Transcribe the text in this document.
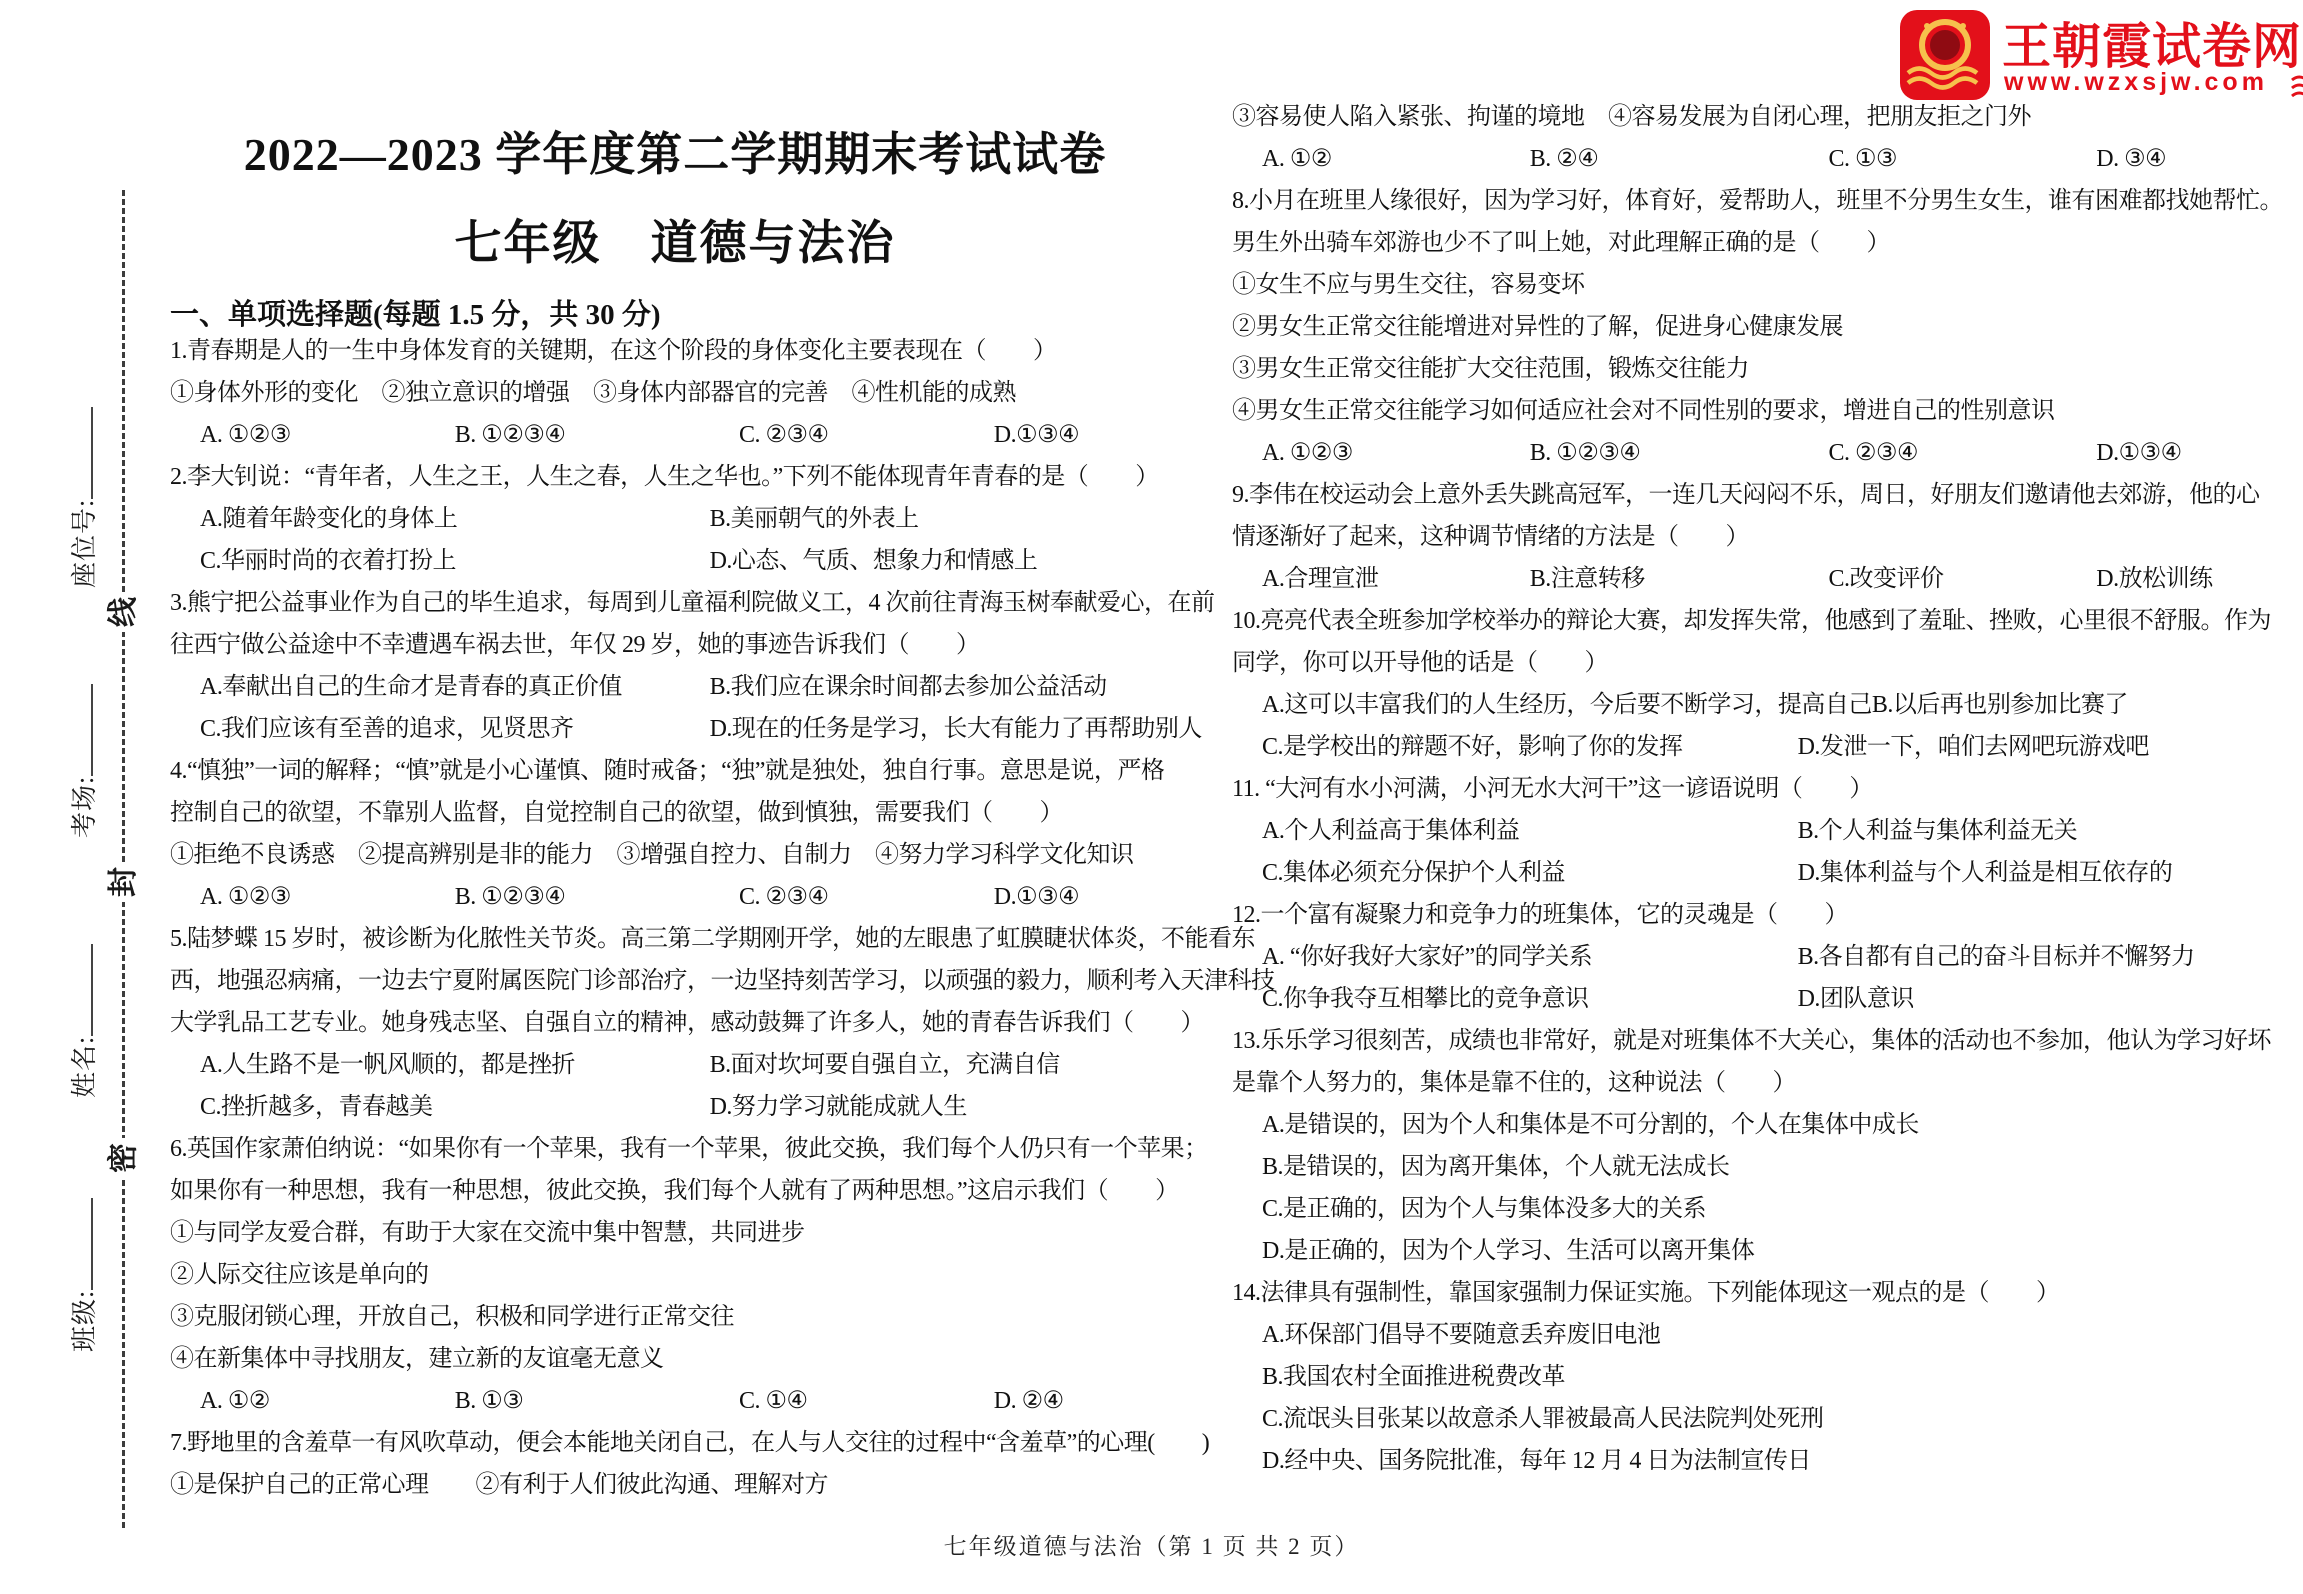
王朝霞试卷网
www.wzxsjw.com
座位号:
考场:
姓名:
班级:
线
封
密
2022—2023 学年度第二学期期末考试试卷
七年级　道德与法治
一、单项选择题(每题 1.5 分，共 30 分)
1.青春期是人的一生中身体发育的关键期，在这个阶段的身体变化主要表现在（　　）
①身体外形的变化　②独立意识的增强　③身体内部器官的完善　④性机能的成熟
A. ①②③	B. ①②③④	C. ②③④	D.①③④
2.李大钊说：“青年者，人生之王，人生之春，人生之华也。”下列不能体现青年青春的是（　　）
A.随着年龄变化的身体上	B.美丽朝气的外表上
C.华丽时尚的衣着打扮上	D.心态、气质、想象力和情感上
3.熊宁把公益事业作为自己的毕生追求，每周到儿童福利院做义工，4 次前往青海玉树奉献爱心，在前
往西宁做公益途中不幸遭遇车祸去世，年仅 29 岁，她的事迹告诉我们（　　）
A.奉献出自己的生命才是青春的真正价值	B.我们应在课余时间都去参加公益活动
C.我们应该有至善的追求，见贤思齐	D.现在的任务是学习，长大有能力了再帮助别人
4.“慎独”一词的解释；“慎”就是小心谨慎、随时戒备；“独”就是独处，独自行事。意思是说，严格
控制自己的欲望，不靠别人监督，自觉控制自己的欲望，做到慎独，需要我们（　　）
①拒绝不良诱惑　②提高辨别是非的能力　③增强自控力、自制力　④努力学习科学文化知识
A. ①②③	B. ①②③④	C. ②③④	D.①③④
5.陆梦蝶 15 岁时，被诊断为化脓性关节炎。高三第二学期刚开学，她的左眼患了虹膜睫状体炎，不能看东
西，地强忍病痛，一边去宁夏附属医院门诊部治疗，一边坚持刻苦学习，以顽强的毅力，顺利考入天津科技
大学乳品工艺专业。她身残志坚、自强自立的精神，感动鼓舞了许多人，她的青春告诉我们（　　）
A.人生路不是一帆风顺的，都是挫折	B.面对坎坷要自强自立，充满自信
C.挫折越多，青春越美	D.努力学习就能成就人生
6.英国作家萧伯纳说：“如果你有一个苹果，我有一个苹果，彼此交换，我们每个人仍只有一个苹果；
如果你有一种思想，我有一种思想，彼此交换，我们每个人就有了两种思想。”这启示我们（　　）
①与同学友爱合群，有助于大家在交流中集中智慧，共同进步
②人际交往应该是单向的
③克服闭锁心理，开放自己，积极和同学进行正常交往
④在新集体中寻找朋友，建立新的友谊毫无意义
A. ①②	B. ①③	C. ①④	D. ②④
7.野地里的含羞草一有风吹草动，便会本能地关闭自己，在人与人交往的过程中“含羞草”的心理(　　)
①是保护自己的正常心理　　②有利于人们彼此沟通、理解对方
③容易使人陷入紧张、拘谨的境地　④容易发展为自闭心理，把朋友拒之门外
A. ①②	B. ②④	C. ①③	D. ③④
8.小月在班里人缘很好，因为学习好，体育好，爱帮助人，班里不分男生女生，谁有困难都找她帮忙。
男生外出骑车郊游也少不了叫上她，对此理解正确的是（　　）
①女生不应与男生交往，容易变坏
②男女生正常交往能增进对异性的了解，促进身心健康发展
③男女生正常交往能扩大交往范围，锻炼交往能力
④男女生正常交往能学习如何适应社会对不同性别的要求，增进自己的性别意识
A. ①②③	B. ①②③④	C. ②③④	D.①③④
9.李伟在校运动会上意外丢失跳高冠军，一连几天闷闷不乐，周日，好朋友们邀请他去郊游，他的心
情逐渐好了起来，这种调节情绪的方法是（　　）
A.合理宣泄	B.注意转移	C.改变评价	D.放松训练
10.亮亮代表全班参加学校举办的辩论大赛，却发挥失常，他感到了羞耻、挫败，心里很不舒服。作为
同学，你可以开导他的话是（　　）
A.这可以丰富我们的人生经历，今后要不断学习，提高自己 B.以后再也别参加比赛了
C.是学校出的辩题不好，影响了你的发挥	D.发泄一下，咱们去网吧玩游戏吧
11. “大河有水小河满，小河无水大河干”这一谚语说明（　　）
A.个人利益高于集体利益	B.个人利益与集体利益无关
C.集体必须充分保护个人利益	D.集体利益与个人利益是相互依存的
12.一个富有凝聚力和竞争力的班集体，它的灵魂是（　　）
A. “你好我好大家好”的同学关系	B.各自都有自己的奋斗目标并不懈努力
C.你争我夺互相攀比的竞争意识	D.团队意识
13.乐乐学习很刻苦，成绩也非常好，就是对班集体不大关心，集体的活动也不参加，他认为学习好坏
是靠个人努力的，集体是靠不住的，这种说法（　　）
A.是错误的，因为个人和集体是不可分割的，个人在集体中成长
B.是错误的，因为离开集体，个人就无法成长
C.是正确的，因为个人与集体没多大的关系
D.是正确的，因为个人学习、生活可以离开集体
14.法律具有强制性，靠国家强制力保证实施。下列能体现这一观点的是（　　）
A.环保部门倡导不要随意丢弃废旧电池
B.我国农村全面推进税费改革
C.流氓头目张某以故意杀人罪被最高人民法院判处死刑
D.经中央、国务院批准，每年 12 月 4 日为法制宣传日
七年级道德与法治（第 1 页 共 2 页）
